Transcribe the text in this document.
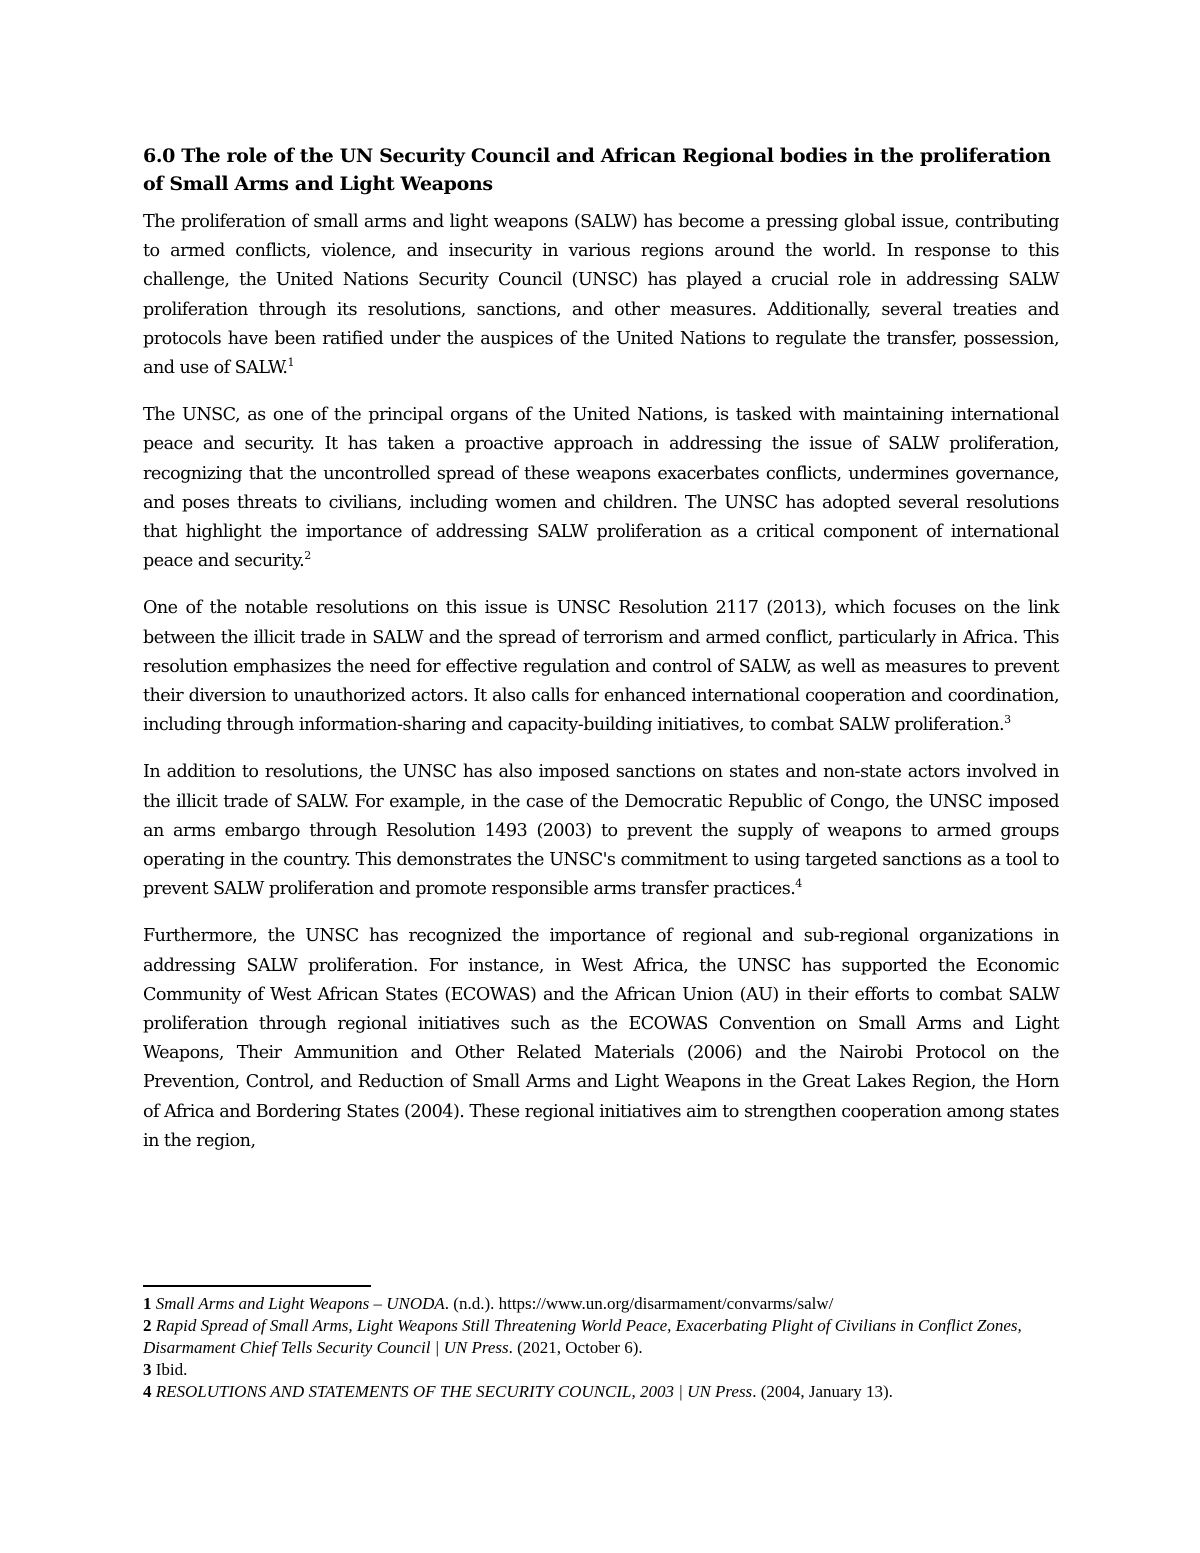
6.0 The role of the UN Security Council and African Regional bodies in the proliferation of Small Arms and Light Weapons

The proliferation of small arms and light weapons (SALW) has become a pressing global issue, contributing to armed conflicts, violence, and insecurity in various regions around the world. In response to this challenge, the United Nations Security Council (UNSC) has played a crucial role in addressing SALW proliferation through its resolutions, sanctions, and other measures. Additionally, several treaties and protocols have been ratified under the auspices of the United Nations to regulate the transfer, possession, and use of SALW.$^1$

The UNSC, as one of the principal organs of the United Nations, is tasked with maintaining international peace and security. It has taken a proactive approach in addressing the issue of SALW proliferation, recognizing that the uncontrolled spread of these weapons exacerbates conflicts, undermines governance, and poses threats to civilians, including women and children. The UNSC has adopted several resolutions that highlight the importance of addressing SALW proliferation as a critical component of international peace and security.$^2$

One of the notable resolutions on this issue is UNSC Resolution 2117 (2013), which focuses on the link between the illicit trade in SALW and the spread of terrorism and armed conflict, particularly in Africa. This resolution emphasizes the need for effective regulation and control of SALW, as well as measures to prevent their diversion to unauthorized actors. It also calls for enhanced international cooperation and coordination, including through information-sharing and capacity-building initiatives, to combat SALW proliferation.$^3$

In addition to resolutions, the UNSC has also imposed sanctions on states and non-state actors involved in the illicit trade of SALW. For example, in the case of the Democratic Republic of Congo, the UNSC imposed an arms embargo through Resolution 1493 (2003) to prevent the supply of weapons to armed groups operating in the country. This demonstrates the UNSC's commitment to using targeted sanctions as a tool to prevent SALW proliferation and promote responsible arms transfer practices.$^4$

Furthermore, the UNSC has recognized the importance of regional and sub-regional organizations in addressing SALW proliferation. For instance, in West Africa, the UNSC has supported the Economic Community of West African States (ECOWAS) and the African Union (AU) in their efforts to combat SALW proliferation through regional initiatives such as the ECOWAS Convention on Small Arms and Light Weapons, Their Ammunition and Other Related Materials (2006) and the Nairobi Protocol on the Prevention, Control, and Reduction of Small Arms and Light Weapons in the Great Lakes Region, the Horn of Africa and Bordering States (2004). These regional initiatives aim to strengthen cooperation among states in the region,

1 Small Arms and Light Weapons – UNODA. (n.d.). https://www.un.org/disarmament/convarms/salw/

2 Rapid Spread of Small Arms, Light Weapons Still Threatening World Peace, Exacerbating Plight of Civilians in Conflict Zones, Disarmament Chief Tells Security Council | UN Press. (2021, October 6).

3 Ibid.

4 RESOLUTIONS AND STATEMENTS OF THE SECURITY COUNCIL, 2003 | UN Press. (2004, January 13).
